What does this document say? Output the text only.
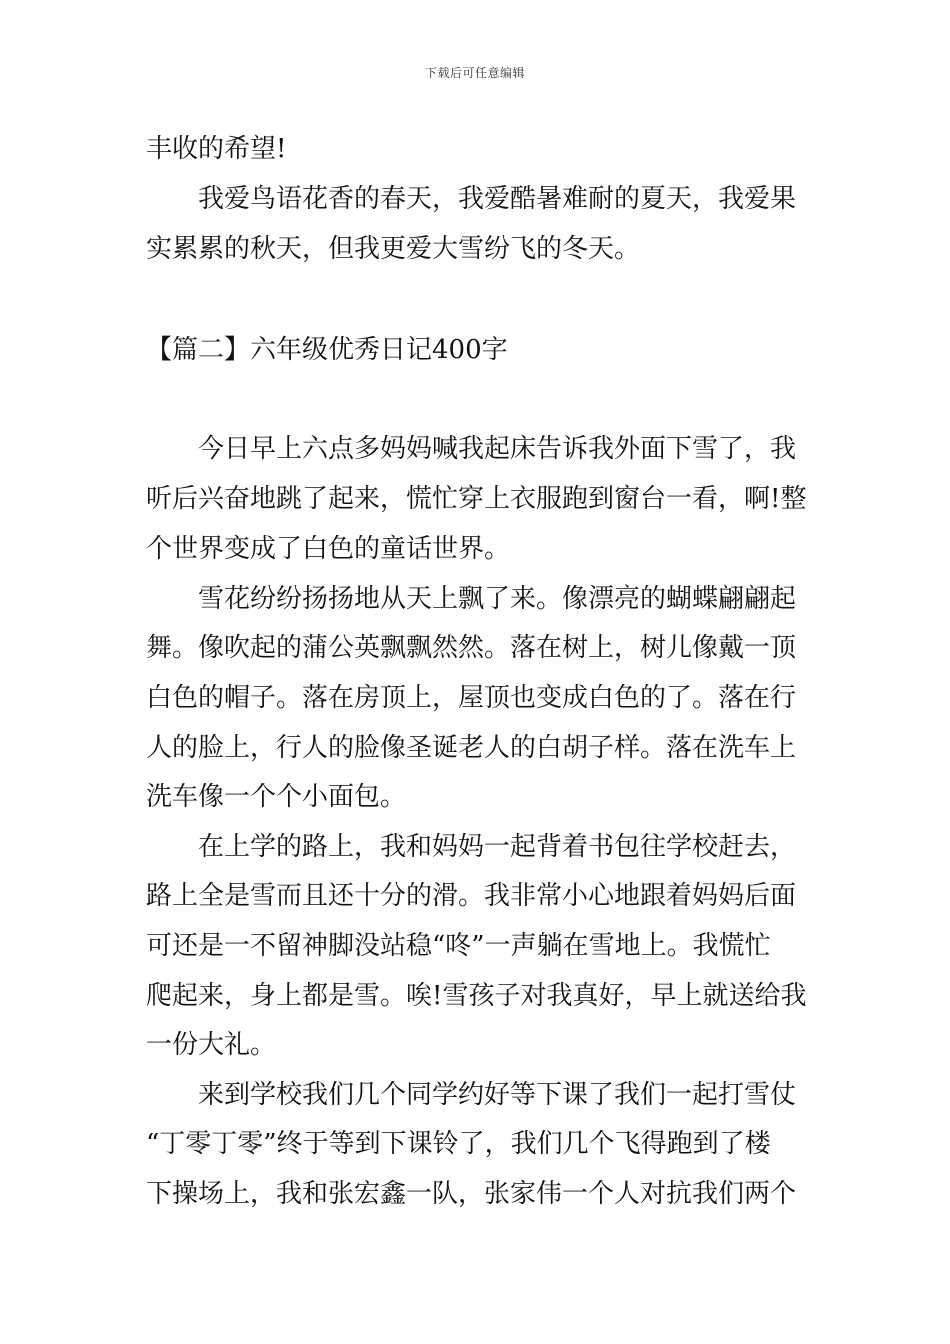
下载后可任意编辑
丰收的希望!
我爱鸟语花香的春天，我爱酷暑难耐的夏天，我爱果
实累累的秋天，但我更爱大雪纷飞的冬天。
【篇二】六年级优秀日记400字
今日早上六点多妈妈喊我起床告诉我外面下雪了，我
听后兴奋地跳了起来，慌忙穿上衣服跑到窗台一看，啊!整
个世界变成了白色的童话世界。
雪花纷纷扬扬地从天上飘了来。像漂亮的蝴蝶翩翩起
舞。像吹起的蒲公英飘飘然然。落在树上，树儿像戴一顶
白色的帽子。落在房顶上，屋顶也变成白色的了。落在行
人的脸上，行人的脸像圣诞老人的白胡子样。落在洗车上
洗车像一个个小面包。
在上学的路上，我和妈妈一起背着书包往学校赶去，
路上全是雪而且还十分的滑。我非常小心地跟着妈妈后面
可还是一不留神脚没站稳“咚”一声躺在雪地上。我慌忙
爬起来，身上都是雪。唉!雪孩子对我真好，早上就送给我
一份大礼。
来到学校我们几个同学约好等下课了我们一起打雪仗
“丁零丁零”终于等到下课铃了，我们几个飞得跑到了楼
下操场上，我和张宏鑫一队，张家伟一个人对抗我们两个
